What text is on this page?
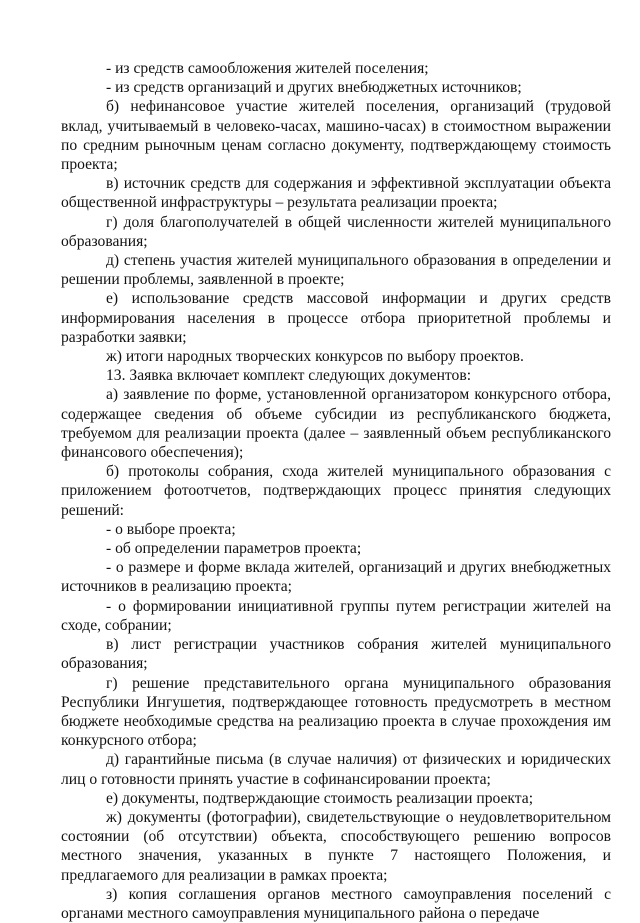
- из средств самообложения жителей поселения;

- из средств организаций и других внебюджетных источников;

б) нефинансовое участие жителей поселения, организаций (трудовой вклад, учитываемый в человеко-часах, машино-часах) в стоимостном выражении по средним рыночным ценам согласно документу, подтверждающему стоимость проекта;

в) источник средств для содержания и эффективной эксплуатации объекта общественной инфраструктуры – результата реализации проекта;

г) доля благополучателей в общей численности жителей муниципального образования;

д) степень участия жителей муниципального образования в определении и решении проблемы, заявленной в проекте;

е) использование средств массовой информации и других средств информирования населения в процессе отбора приоритетной проблемы и разработки заявки;

ж) итоги народных творческих конкурсов по выбору проектов.

13. Заявка включает комплект следующих документов:

а) заявление по форме, установленной организатором конкурсного отбора, содержащее сведения об объеме субсидии из республиканского бюджета, требуемом для реализации проекта (далее – заявленный объем республиканского финансового обеспечения);

б) протоколы собрания, схода жителей муниципального образования с приложением фотоотчетов, подтверждающих процесс принятия следующих решений:

- о выборе проекта;

- об определении параметров проекта;

- о размере и форме вклада жителей, организаций и других внебюджетных источников в реализацию проекта;

- о формировании инициативной группы путем регистрации жителей на сходе, собрании;

в) лист регистрации участников собрания жителей муниципального образования;

г) решение представительного органа муниципального образования Республики Ингушетия, подтверждающее готовность предусмотреть в местном бюджете необходимые средства на реализацию проекта в случае прохождения им конкурсного отбора;

д) гарантийные письма (в случае наличия) от физических и юридических лиц о готовности принять участие в софинансировании проекта;

е) документы, подтверждающие стоимость реализации проекта;

ж) документы (фотографии), свидетельствующие о неудовлетворительном состоянии (об отсутствии) объекта, способствующего решению вопросов местного значения, указанных в пункте 7 настоящего Положения, и предлагаемого для реализации в рамках проекта;

з) копия соглашения органов местного самоуправления поселений с органами местного самоуправления муниципального района о передаче
